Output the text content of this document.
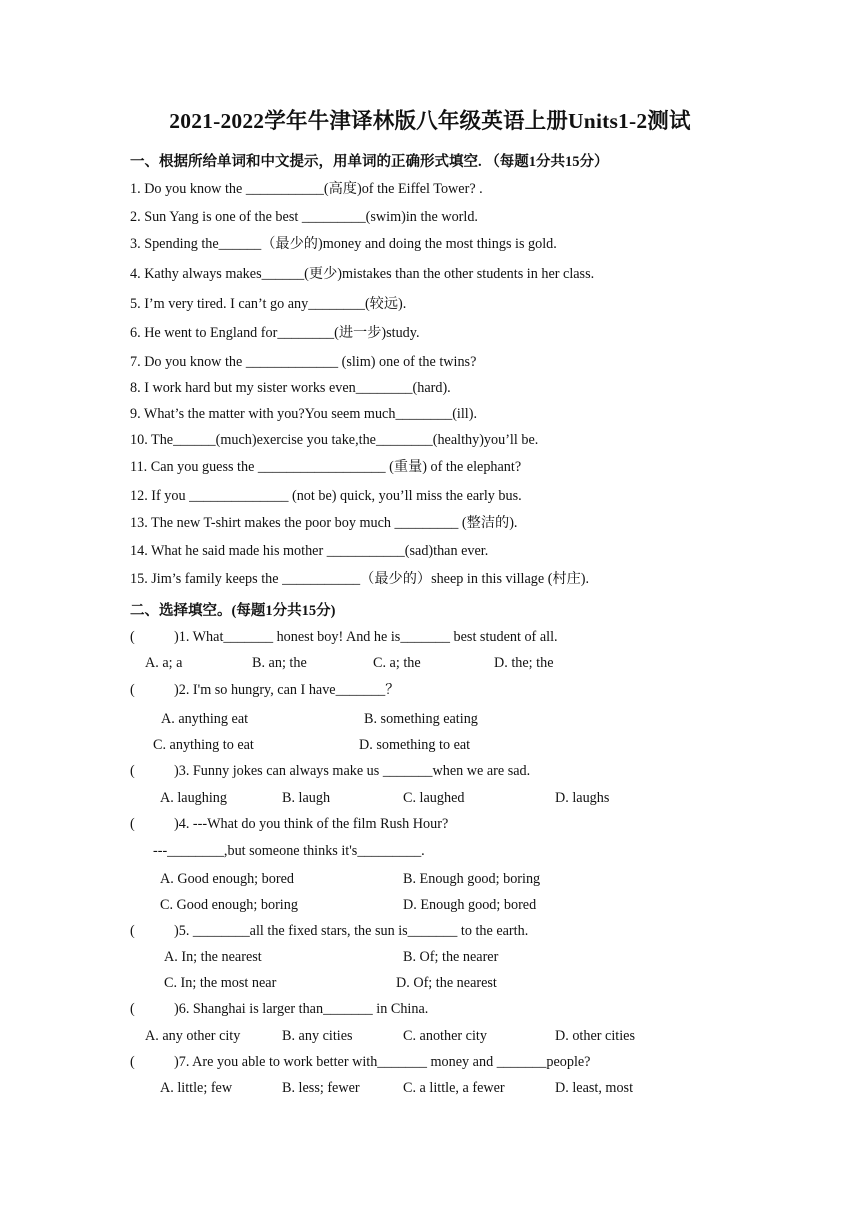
2021-2022学年牛津译林版八年级英语上册Units1-2测试
一、根据所给单词和中文提示，用单词的正确形式填空. （每题1分共15分）
1. Do you know the ___________(高度)of the Eiffel Tower? .
2. Sun Yang is one of the best _________(swim)in the world.
3. Spending the______（最少的)money and doing the most things is gold.
4. Kathy always makes______(更少)mistakes than the other students in her class.
5. I’m very tired. I can’t go any________(较远).
6. He went to England for________(进一步)study.
7. Do you know the _____________ (slim) one of the twins?
8. I work hard but my sister works even________(hard).
9. What’s the matter with you?You seem much________(ill).
10. The______(much)exercise you take,the________(healthy)you’ll be.
11. Can you guess the __________________ (重量) of the elephant?
12. If you ______________ (not be) quick, you’ll miss the early bus.
13. The new T-shirt makes the poor boy much _________ (整洁的).
14. What he said made his mother ___________(sad)than ever.
15. Jim’s family keeps the ___________（最少的）sheep in this village (村庄).
二、选择填空。(每题1分共15分)
(	)1. What_______ honest boy! And he is_______ best student of all.
A. a; a	B. an; the	C. a; the	D. the; the
(	)2. I'm so hungry, can I have_______？
A. anything eat	B. something eating
C. anything to eat	D. something to eat
(	)3. Funny jokes can always make us _______when we are sad.
A. laughing	B. laugh	C. laughed	D. laughs
(	)4. ---What do you think of the film Rush Hour?
---________,but someone thinks it's_________.
A. Good enough; bored	B. Enough good; boring
C. Good enough; boring	D. Enough good; bored
(	)5. ________all the fixed stars, the sun is_______ to the earth.
A. In; the nearest	B. Of; the nearer
C. In; the most near	D. Of; the nearest
(	)6. Shanghai is larger than_______ in China.
A. any other city	B. any cities	C. another city	D. other cities
(	)7. Are you able to work better with_______ money and _______people?
A. little; few	B. less; fewer	C. a little, a fewer	D. least, most
